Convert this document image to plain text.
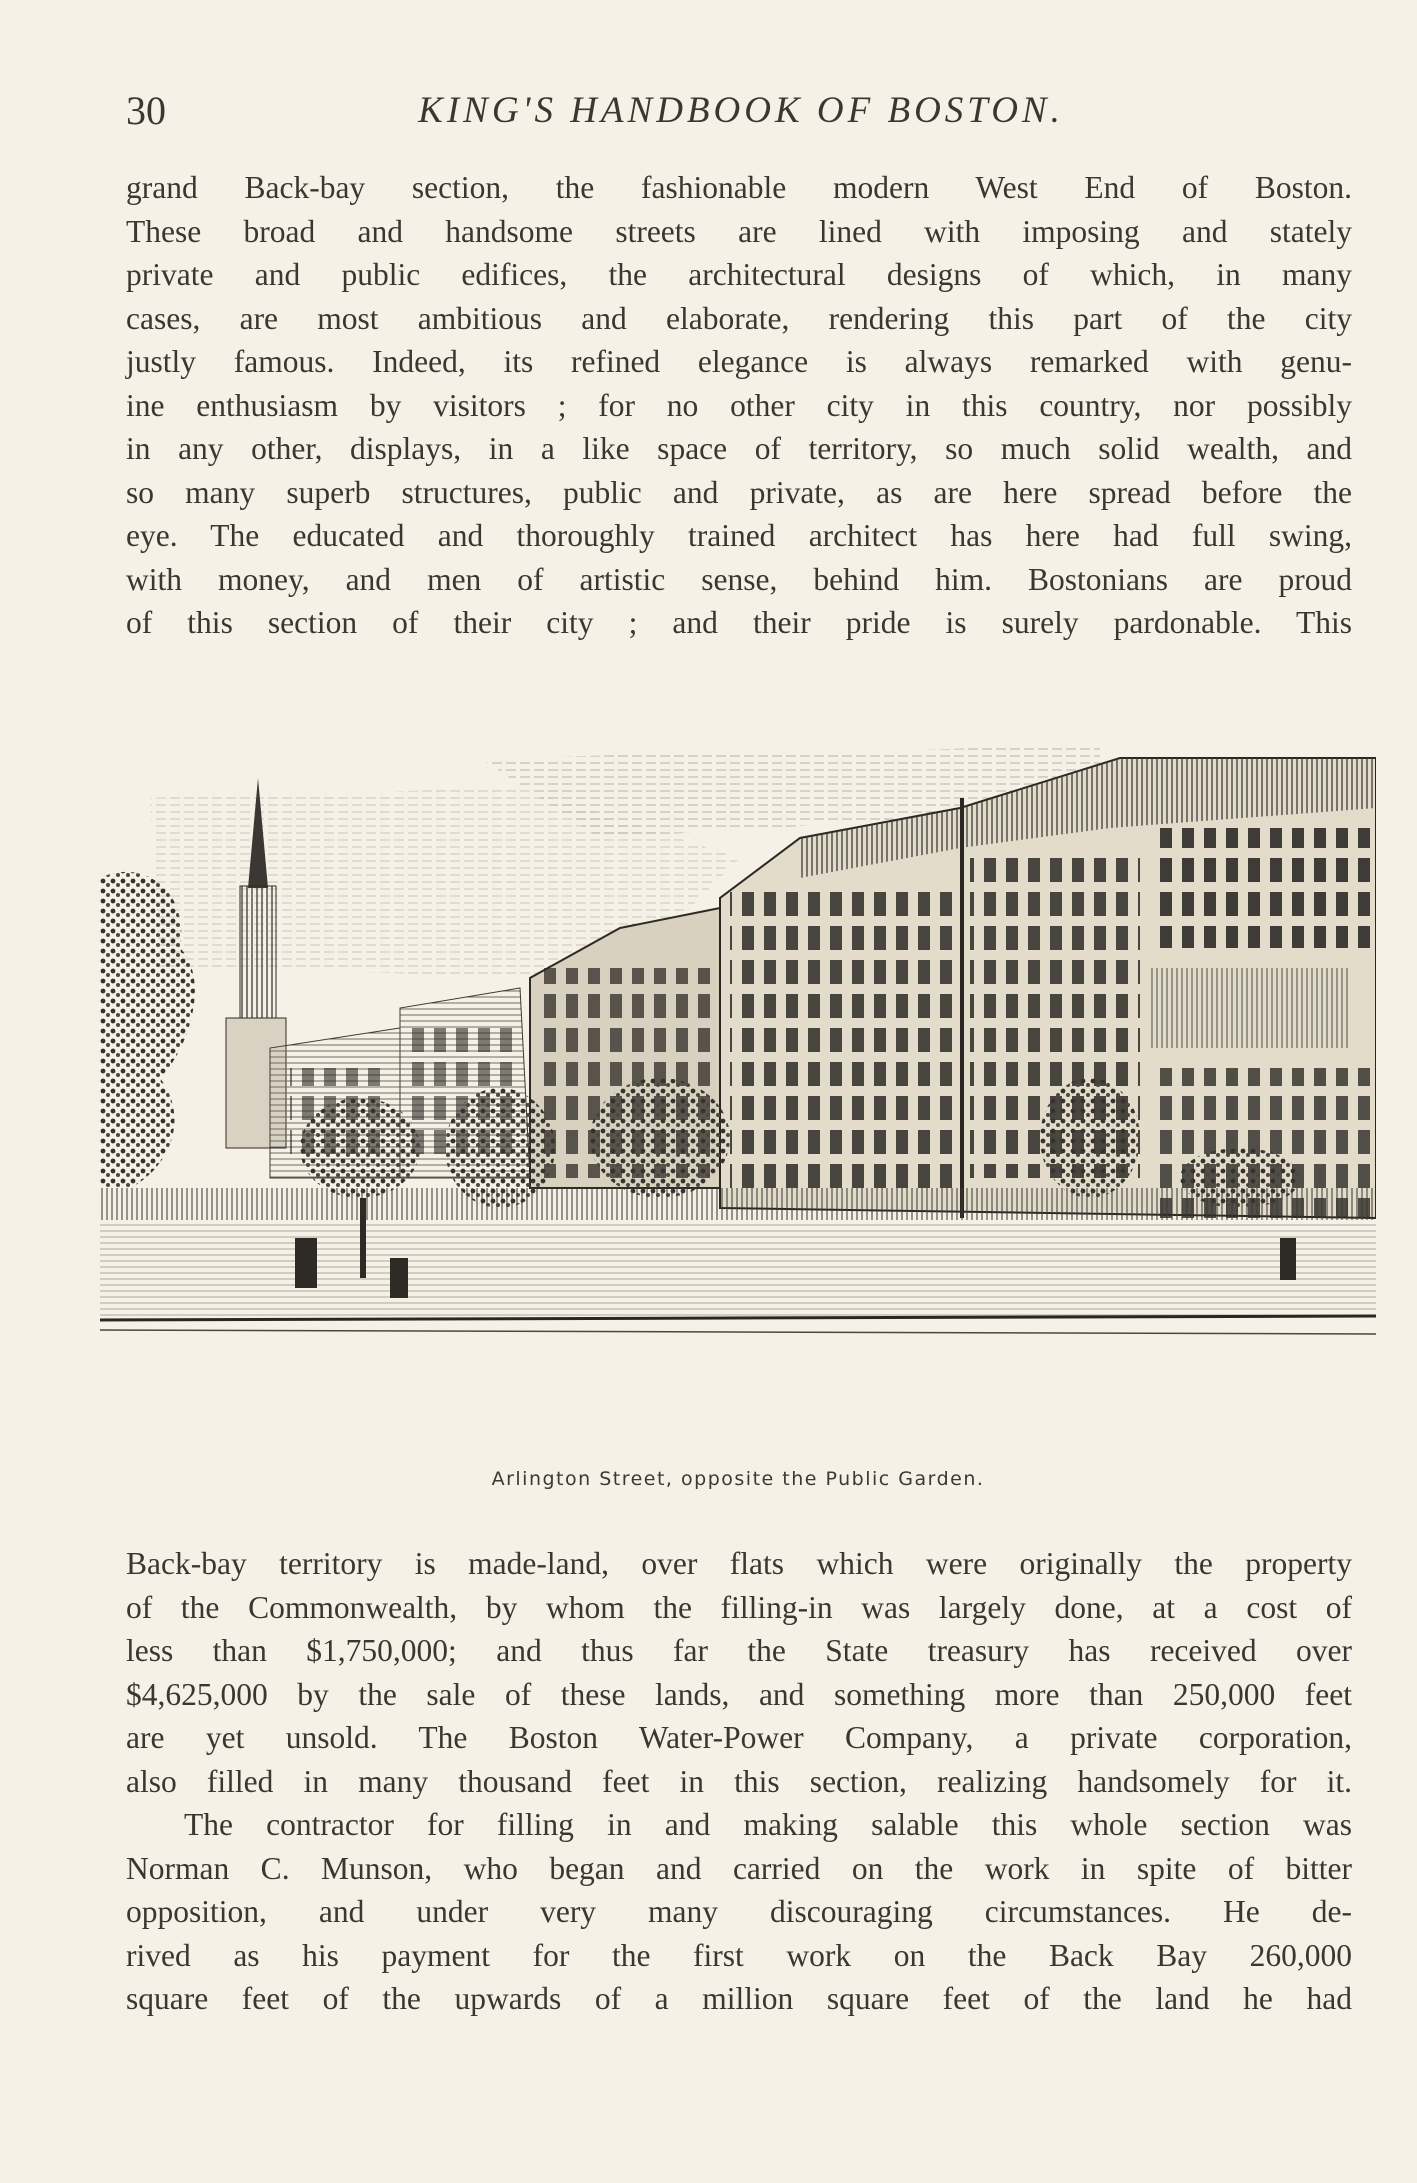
30	KING'S HANDBOOK OF BOSTON.
grand Back-bay section, the fashionable modern West End of Boston.
These broad and handsome streets are lined with imposing and stately
private and public edifices, the architectural designs of which, in many
cases, are most ambitious and elaborate, rendering this part of the city
justly famous. Indeed, its refined elegance is always remarked with genu-
ine enthusiasm by visitors ; for no other city in this country, nor possibly
in any other, displays, in a like space of territory, so much solid wealth, and
so many superb structures, public and private, as are here spread before the
eye. The educated and thoroughly trained architect has here had full swing,
with money, and men of artistic sense, behind him. Bostonians are proud
of this section of their city ; and their pride is surely pardonable. This
Arlington Street, opposite the Public Garden.
Back-bay territory is made-land, over flats which were originally the property
of the Commonwealth, by whom the filling-in was largely done, at a cost of
less than $1,750,000; and thus far the State treasury has received over
$4,625,000 by the sale of these lands, and something more than 250,000 feet
are yet unsold. The Boston Water-Power Company, a private corporation,
also filled in many thousand feet in this section, realizing handsomely for it.
The contractor for filling in and making salable this whole section was
Norman C. Munson, who began and carried on the work in spite of bitter
opposition, and under very many discouraging circumstances. He de-
rived as his payment for the first work on the Back Bay 260,000
square feet of the upwards of a million square feet of the land he had
